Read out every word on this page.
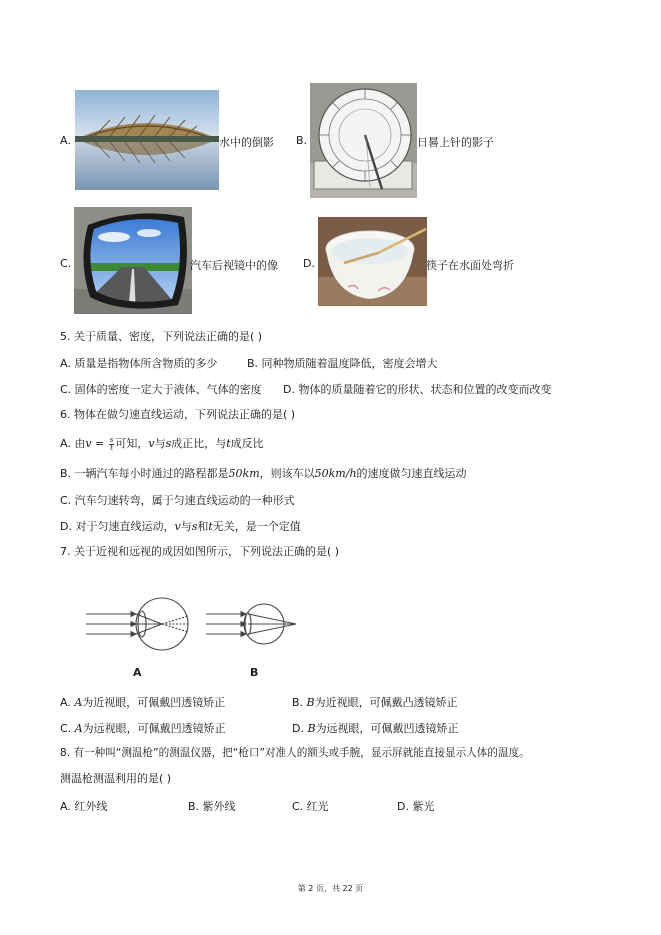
A.	水中的倒影 B.	日晷上针的影子
C.	汽车后视镜中的像 D.	筷子在水面处弯折
5. 关于质量、密度，下列说法正确的是( )
A. 质量是指物体所含物质的多少	B. 同种物质随着温度降低，密度会增大
C. 固体的密度一定大于液体、气体的密度 D. 物体的质量随着它的形状、状态和位置的改变而改变
6. 物体在做匀速直线运动，下列说法正确的是( )
A. 由$v = \frac{s}{t}$ 可知，v与s成正比，与t成反比
B. 一辆汽车每小时通过的路程都是50km，则该车以50km/h的速度做匀速直线运动
C. 汽车匀速转弯，属于匀速直线运动的一种形式
D. 对于匀速直线运动，v与s和t无关，是一个定值
7. 关于近视和远视的成因如图所示，下列说法正确的是( )
A	B
A. A为近视眼，可佩戴凹透镜矫正	B. B为近视眼，可佩戴凸透镜矫正
C. A为远视眼，可佩戴凹透镜矫正	D. B为远视眼，可佩戴凹透镜矫正
8. 有一种叫“测温枪”的测温仪器，把“枪口”对准人的额头或手腕，显示屏就能直接显示人体的温度。
测温枪测温利用的是( )
A. 红外线	B. 紫外线	C. 红光	D. 紫光
第 2 页，共 22 页
